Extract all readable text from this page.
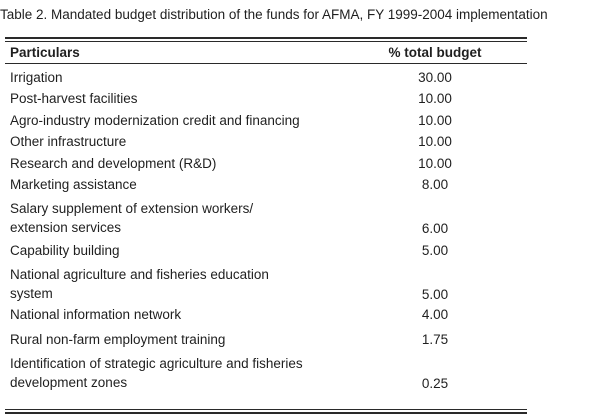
Table 2. Mandated budget distribution of the funds for AFMA, FY 1999-2004 implementation
Particulars	% total budget
Irrigation	30.00
Post-harvest facilities	10.00
Agro-industry modernization credit and financing	10.00
Other infrastructure	10.00
Research and development (R&D)	10.00
Marketing assistance	8.00
Salary supplement of extension workers/
extension services	6.00
Capability building	5.00
National agriculture and fisheries education
system	5.00
National information network	4.00
Rural non-farm employment training	1.75
Identification of strategic agriculture and fisheries
development zones	0.25
